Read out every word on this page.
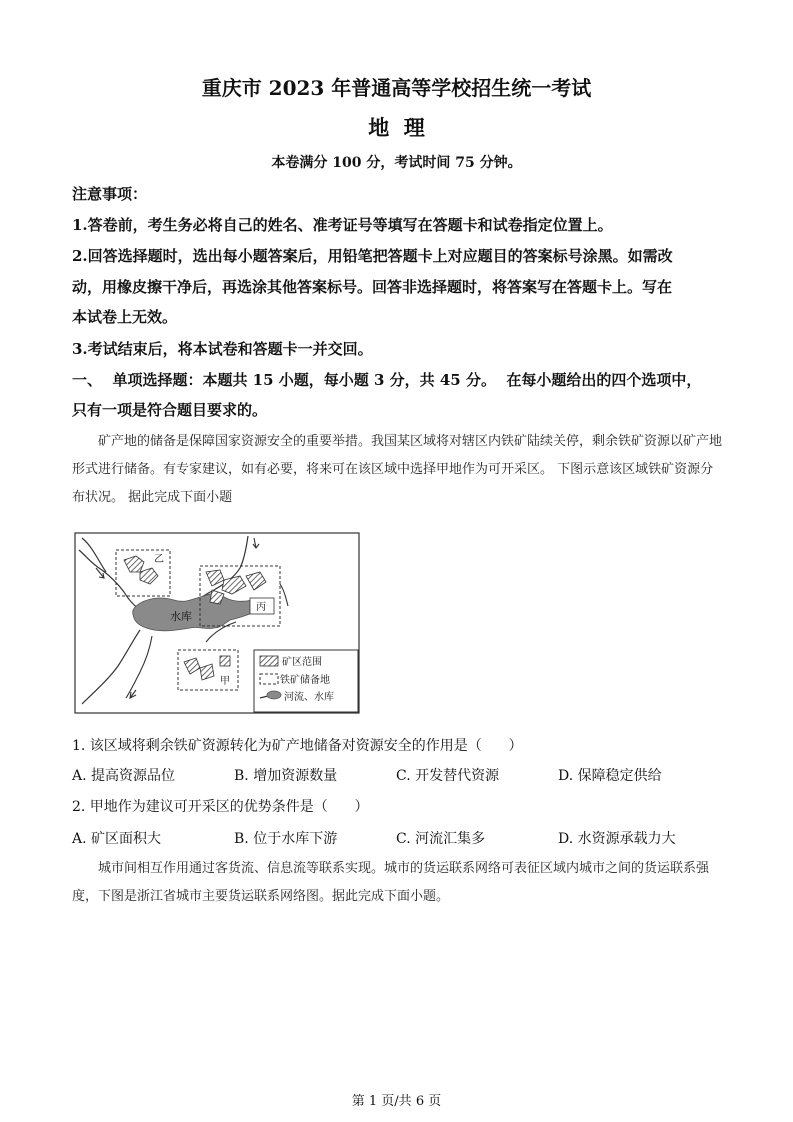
重庆市 2023 年普通高等学校招生统一考试
地  理
本卷满分 100 分，考试时间 75 分钟。
注意事项：
1.答卷前，考生务必将自己的姓名、准考证号等填写在答题卡和试卷指定位置上。
2.回答选择题时，选出每小题答案后，用铅笔把答题卡上对应题目的答案标号涂黑。如需改
动，用橡皮擦干净后，再选涂其他答案标号。回答非选择题时，将答案写在答题卡上。写在
本试卷上无效。
3.考试结束后，将本试卷和答题卡一并交回。
一、  单项选择题：本题共 15 小题，每小题 3 分，共 45 分。  在每小题给出的四个选项中，
只有一项是符合题目要求的。
矿产地的储备是保障国家资源安全的重要举措。我国某区域将对辖区内铁矿陆续关停，剩余铁矿资源以矿产地形式进行储备。有专家建议，如有必要，将来可在该区域中选择甲地作为可开采区。 下图示意该区域铁矿资源分布状况。 据此完成下面小题
乙
丙
水库
甲
矿区范围
铁矿储备地
河流、水库
1. 该区域将剩余铁矿资源转化为矿产地储备对资源安全的作用是（      ）
A. 提高资源品位	B. 增加资源数量	C. 开发替代资源	D. 保障稳定供给
2. 甲地作为建议可开采区的优势条件是（      ）
A. 矿区面积大	B. 位于水库下游	C. 河流汇集多	D. 水资源承载力大
城市间相互作用通过客货流、信息流等联系实现。城市的货运联系网络可表征区域内城市之间的货运联系强度，下图是浙江省城市主要货运联系网络图。据此完成下面小题。
第 1 页/共 6 页
